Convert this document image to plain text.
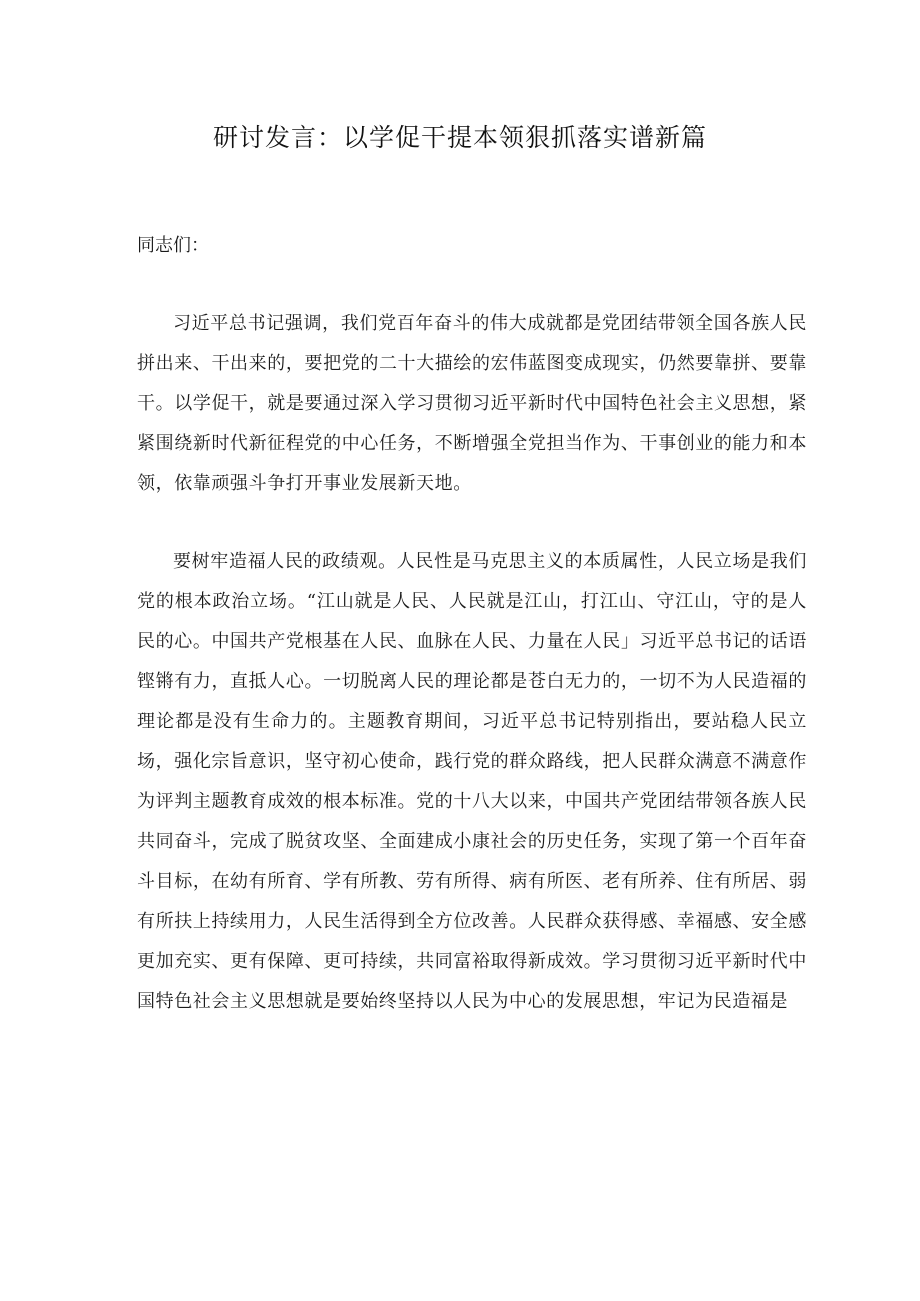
研讨发言：以学促干提本领狠抓落实谱新篇

同志们：

习近平总书记强调，我们党百年奋斗的伟大成就都是党团结带领全国各族人民拼出来、干出来的，要把党的二十大描绘的宏伟蓝图变成现实，仍然要靠拼、要靠干。以学促干，就是要通过深入学习贯彻习近平新时代中国特色社会主义思想，紧紧围绕新时代新征程党的中心任务，不断增强全党担当作为、干事创业的能力和本领，依靠顽强斗争打开事业发展新天地。

要树牢造福人民的政绩观。人民性是马克思主义的本质属性，人民立场是我们党的根本政治立场。“江山就是人民、人民就是江山，打江山、守江山，守的是人民的心。中国共产党根基在人民、血脉在人民、力量在人民」习近平总书记的话语铿锵有力，直抵人心。一切脱离人民的理论都是苍白无力的，一切不为人民造福的理论都是没有生命力的。主题教育期间，习近平总书记特别指出，要站稳人民立场，强化宗旨意识，坚守初心使命，践行党的群众路线，把人民群众满意不满意作为评判主题教育成效的根本标准。党的十八大以来，中国共产党团结带领各族人民共同奋斗，完成了脱贫攻坚、全面建成小康社会的历史任务，实现了第一个百年奋斗目标，在幼有所育、学有所教、劳有所得、病有所医、老有所养、住有所居、弱有所扶上持续用力，人民生活得到全方位改善。人民群众获得感、幸福感、安全感更加充实、更有保障、更可持续，共同富裕取得新成效。学习贯彻习近平新时代中国特色社会主义思想就是要始终坚持以人民为中心的发展思想，牢记为民造福是
